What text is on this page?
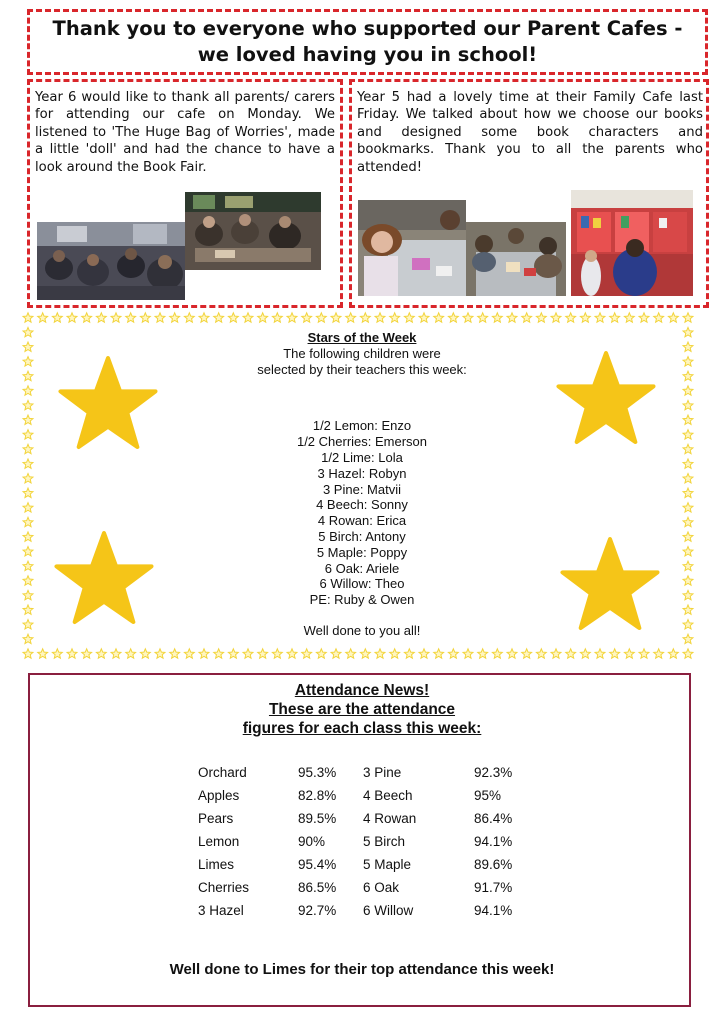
Thank you to everyone who supported our Parent Cafes - we loved having you in school!
Year 6 would like to thank all parents/ carers for attending our cafe on Monday. We listened to 'The Huge Bag of Worries', made a little 'doll' and had the chance to have a look around the Book Fair.
Year 5 had a lovely time at their Family Cafe last Friday. We talked about how we choose our books and designed some book characters and bookmarks. Thank you to all the parents who attended!
Stars of the Week
The following children were
selected by their teachers this week:
1/2 Lemon: Enzo
1/2 Cherries: Emerson
1/2 Lime: Lola
3 Hazel: Robyn
3 Pine: Matvii
4 Beech: Sonny
4 Rowan: Erica
5 Birch: Antony
5 Maple: Poppy
6 Oak: Ariele
6 Willow: Theo
PE: Ruby & Owen
Well done to you all!
Attendance News!
These are the attendance
figures for each class this week:
Orchard
Apples
Pears
Lemon
Limes
Cherries
3 Hazel
95.3%
82.8%
89.5%
90%
95.4%
86.5%
92.7%
3 Pine
4 Beech
4 Rowan
5 Birch
5 Maple
6 Oak
6 Willow
92.3%
95%
86.4%
94.1%
89.6%
91.7%
94.1%
Well done to Limes for their top attendance this week!
